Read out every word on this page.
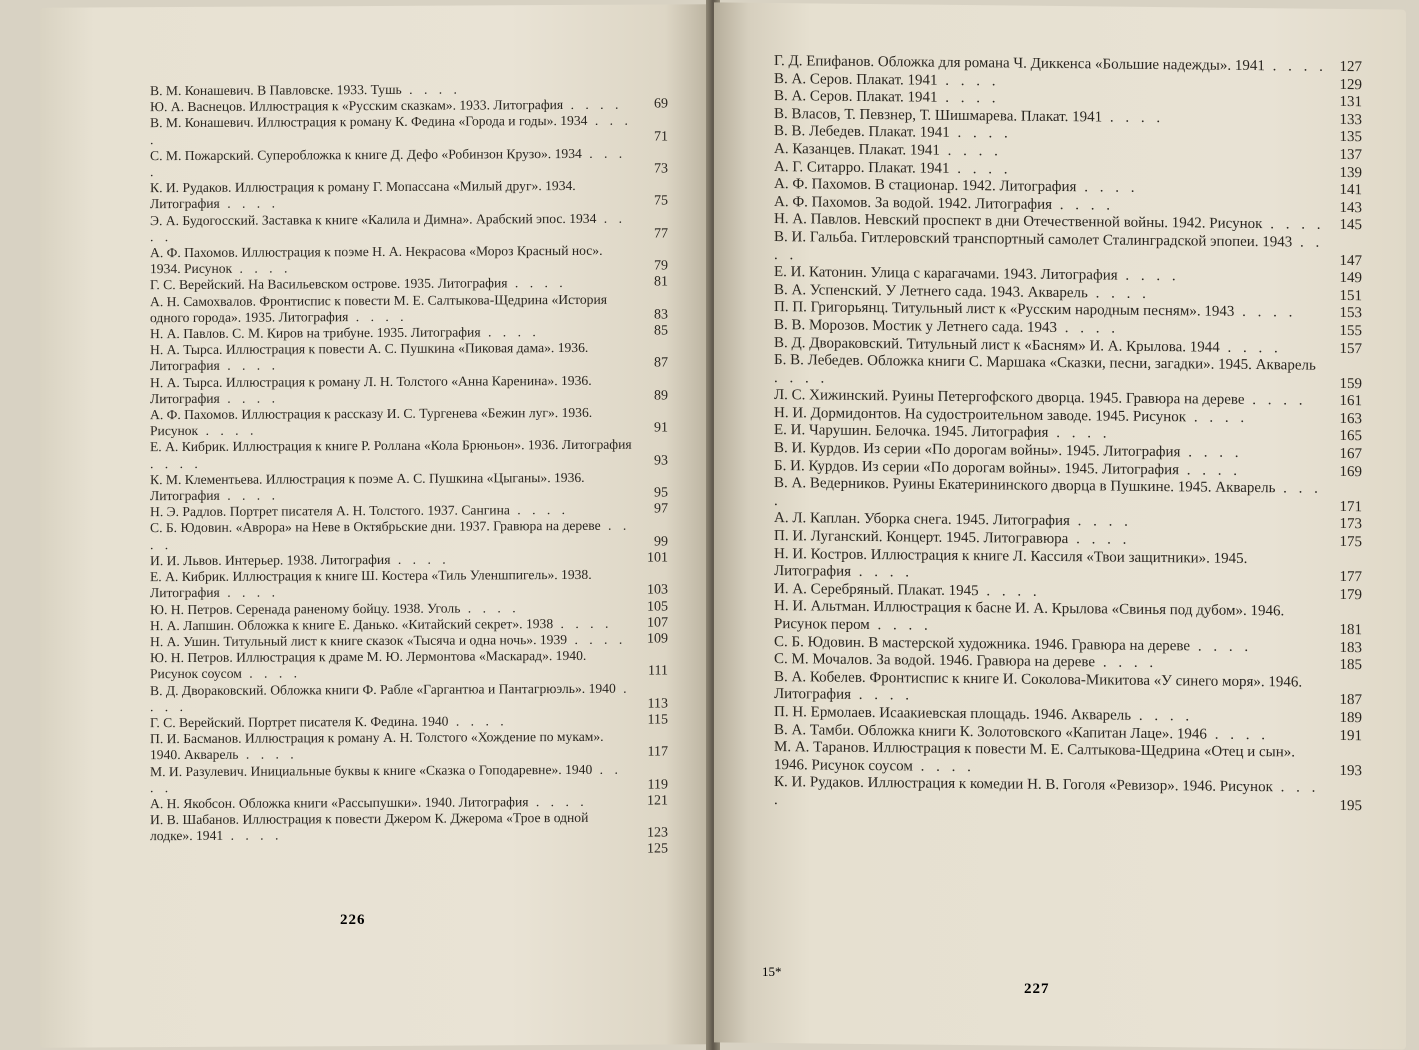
В. М. Конашевич. В Павловске. 1933. Тушь . . . .
Ю. А. Васнецов. Иллюстрация к «Русским сказкам». 1933. Литография . . . . 69
В. М. Конашевич. Иллюстрация к роману К. Федина «Города и годы». 1934 . . . .	71
С. М. Пожарский. Суперобложка к книге Д. Дефо «Робинзон Крузо». 1934 . . . .	73
К. И. Рудаков. Иллюстрация к роману Г. Мопассана «Милый друг». 1934. Литография . . . .	75
Э. А. Будогосский. Заставка к книге «Калила и Димна». Арабский эпос. 1934 . . . .	77
А. Ф. Пахомов. Иллюстрация к поэме Н. А. Некрасова «Мороз Красный нос». 1934. Рисунок . . . .	79
Г. С. Верейский. На Васильевском острове. 1935. Литография . . . .	81
А. Н. Самохвалов. Фронтиспис к повести М. Е. Салтыкова-Щедрина «История одного города». 1935. Литография . . . .	83
Н. А. Павлов. С. М. Киров на трибуне. 1935. Литография . . . .	85
Н. А. Тырса. Иллюстрация к повести А. С. Пушкина «Пиковая дама». 1936. Литография . . . .	87
Н. А. Тырса. Иллюстрация к роману Л. Н. Толстого «Анна Каренина». 1936. Литография . . . .	89
А. Ф. Пахомов. Иллюстрация к рассказу И. С. Тургенева «Бежин луг». 1936. Рисунок . . . .	91
Е. А. Кибрик. Иллюстрация к книге Р. Роллана «Кола Брюньон». 1936. Литография . . . .	93
К. М. Клементьева. Иллюстрация к поэме А. С. Пушкина «Цыганы». 1936. Литография . . . .	95
Н. Э. Радлов. Портрет писателя А. Н. Толстого. 1937. Сангина . . . .	97
С. Б. Юдовин. «Аврора» на Неве в Октябрьские дни. 1937. Гравюра на дереве . . . .	99
И. И. Львов. Интерьер. 1938. Литография . . . .	101
Е. А. Кибрик. Иллюстрация к книге Ш. Костера «Тиль Уленшпигель». 1938. Литография . . . .	103
Ю. Н. Петров. Серенада раненому бойцу. 1938. Уголь . . . .	105
Н. А. Лапшин. Обложка к книге Е. Данько. «Китайский секрет». 1938 . . . . 107
Н. А. Ушин. Титульный лист к книге сказок «Тысяча и одна ночь». 1939 . . . . 109
Ю. Н. Петров. Иллюстрация к драме М. Ю. Лермонтова «Маскарад». 1940. Рисунок соусом . . . .	111
В. Д. Двораковский. Обложка книги Ф. Рабле «Гаргантюа и Пантагрюэль». 1940 . . . .	113
Г. С. Верейский. Портрет писателя К. Федина. 1940 . . . .	115
П. И. Басманов. Иллюстрация к роману А. Н. Толстого «Хождение по мукам». 1940. Акварель . . . .	117
М. И. Разулевич. Инициальные буквы к книге «Сказка о Гоподаревне». 1940 . . . .	119
А. Н. Якобсон. Обложка книги «Рассыпушки». 1940. Литография . . . .	121
И. В. Шабанов. Иллюстрация к повести Джером К. Джерома «Трое в одной лодке». 1941 . . . .	123
125
Г. Д. Епифанов. Обложка для романа Ч. Диккенса «Большие надежды». 1941 . . . . 127
В. А. Серов. Плакат. 1941 . . . .	129
В. А. Серов. Плакат. 1941 . . . .	131
В. Власов, Т. Певзнер, Т. Шишмарева. Плакат. 1941 . . . .	133
В. В. Лебедев. Плакат. 1941 . . . .	135
А. Казанцев. Плакат. 1941 . . . .	137
А. Г. Ситарро. Плакат. 1941 . . . .	139
А. Ф. Пахомов. В стационар. 1942. Литография . . . .	141
А. Ф. Пахомов. За водой. 1942. Литография . . . .	143
Н. А. Павлов. Невский проспект в дни Отечественной войны. 1942. Рисунок . . . . 145
В. И. Гальба. Гитлеровский транспортный самолет Сталинградской эпопеи. 1943 . . . .	147
Е. И. Катонин. Улица с карагачами. 1943. Литография . . . .	149
В. А. Успенский. У Летнего сада. 1943. Акварель . . . .	151
П. П. Григорьянц. Титульный лист к «Русским народным песням». 1943 . . . .	153
В. В. Морозов. Мостик у Летнего сада. 1943 . . . .	155
В. Д. Двораковский. Титульный лист к «Басням» И. А. Крылова. 1944 . . . .	157
Б. В. Лебедев. Обложка книги С. Маршака «Сказки, песни, загадки». 1945. Акварель . . . .	159
Л. С. Хижинский. Руины Петергофского дворца. 1945. Гравюра на дереве . . . . 161
Н. И. Дормидонтов. На судостроительном заводе. 1945. Рисунок . . . .	163
Е. И. Чарушин. Белочка. 1945. Литография . . . .	165
В. И. Курдов. Из серии «По дорогам войны». 1945. Литография . . . .	167
Б. И. Курдов. Из серии «По дорогам войны». 1945. Литография . . . .	169
В. А. Ведерников. Руины Екатерининского дворца в Пушкине. 1945. Акварель . . . .	171
А. Л. Каплан. Уборка снега. 1945. Литография . . . .	173
П. И. Луганский. Концерт. 1945. Литогравюра . . . .	175
Н. И. Костров. Иллюстрация к книге Л. Кассиля «Твои защитники». 1945. Литография . . . .	177
И. А. Серебряный. Плакат. 1945 . . . .	179
Н. И. Альтман. Иллюстрация к басне И. А. Крылова «Свинья под дубом». 1946. Рисунок пером . . . .	181
С. Б. Юдовин. В мастерской художника. 1946. Гравюра на дереве . . . .	183
С. М. Мочалов. За водой. 1946. Гравюра на дереве . . . .	185
В. А. Кобелев. Фронтиспис к книге И. Соколова-Микитова «У синего моря». 1946. Литография . . . .	187
П. Н. Ермолаев. Исаакиевская площадь. 1946. Акварель . . . .	189
В. А. Тамби. Обложка книги К. Золотовского «Капитан Лаце». 1946 . . . .	191
М. А. Таранов. Иллюстрация к повести М. Е. Салтыкова-Щедрина «Отец и сын». 1946. Рисунок соусом . . . .	193
К. И. Рудаков. Иллюстрация к комедии Н. В. Гоголя «Ревизор». 1946. Рисунок . . . .	195
226
227
15*
